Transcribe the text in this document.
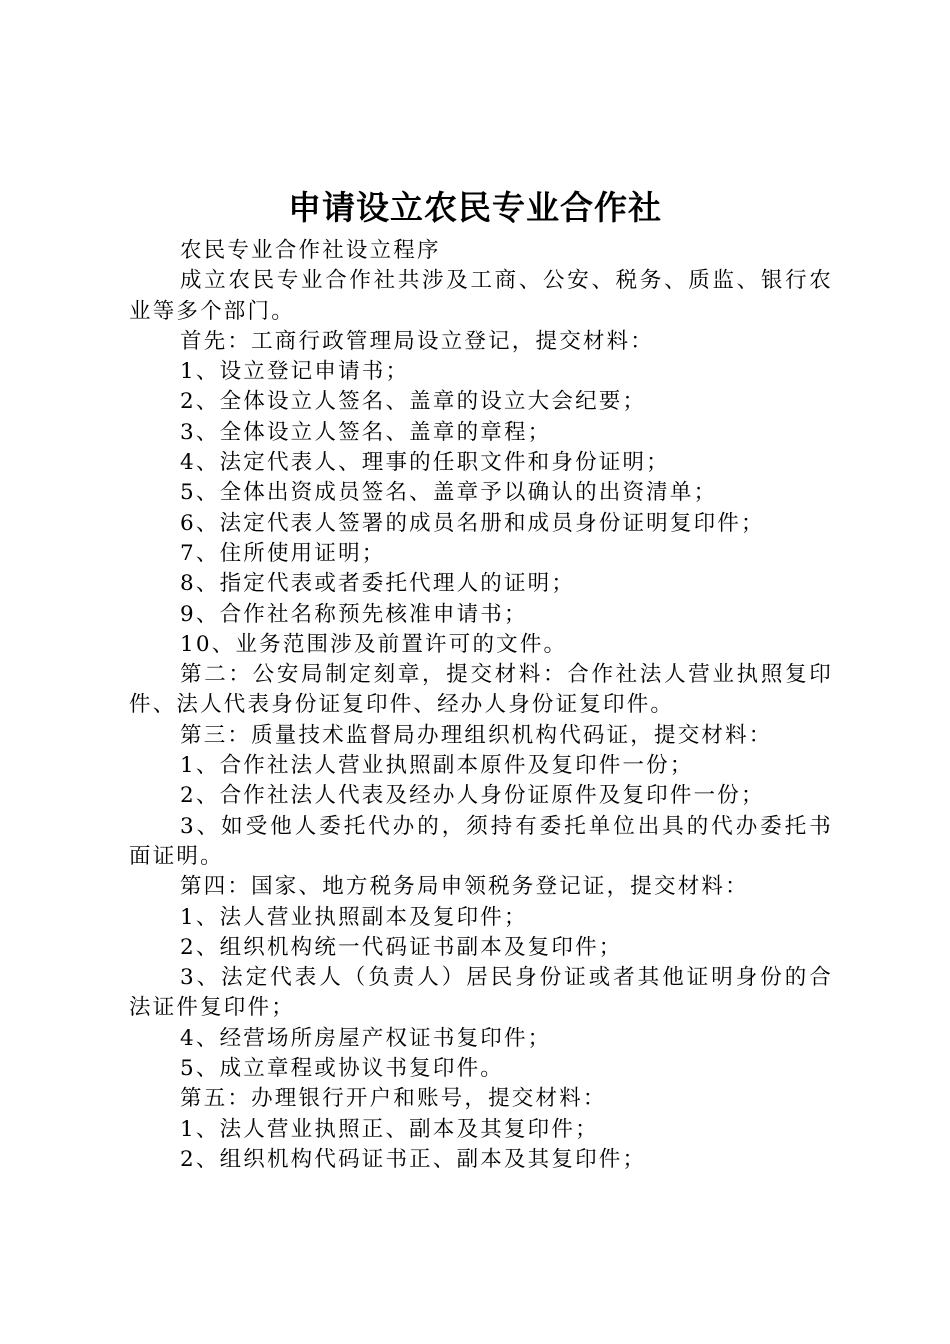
申请设立农民专业合作社

农民专业合作社设立程序

成立农民专业合作社共涉及工商、公安、税务、质监、银行农业等多个部门。

首先：工商行政管理局设立登记，提交材料：

1、设立登记申请书；

2、全体设立人签名、盖章的设立大会纪要；

3、全体设立人签名、盖章的章程；

4、法定代表人、理事的任职文件和身份证明；

5、全体出资成员签名、盖章予以确认的出资清单；

6、法定代表人签署的成员名册和成员身份证明复印件；

7、住所使用证明；

8、指定代表或者委托代理人的证明；

9、合作社名称预先核准申请书；

10、业务范围涉及前置许可的文件。

第二：公安局制定刻章，提交材料：合作社法人营业执照复印件、法人代表身份证复印件、经办人身份证复印件。

第三：质量技术监督局办理组织机构代码证，提交材料：

1、合作社法人营业执照副本原件及复印件一份；

2、合作社法人代表及经办人身份证原件及复印件一份；

3、如受他人委托代办的，须持有委托单位出具的代办委托书面证明。

第四：国家、地方税务局申领税务登记证，提交材料：

1、法人营业执照副本及复印件；

2、组织机构统一代码证书副本及复印件；

3、法定代表人（负责人）居民身份证或者其他证明身份的合法证件复印件；

4、经营场所房屋产权证书复印件；

5、成立章程或协议书复印件。

第五：办理银行开户和账号，提交材料：

1、法人营业执照正、副本及其复印件；

2、组织机构代码证书正、副本及其复印件；
